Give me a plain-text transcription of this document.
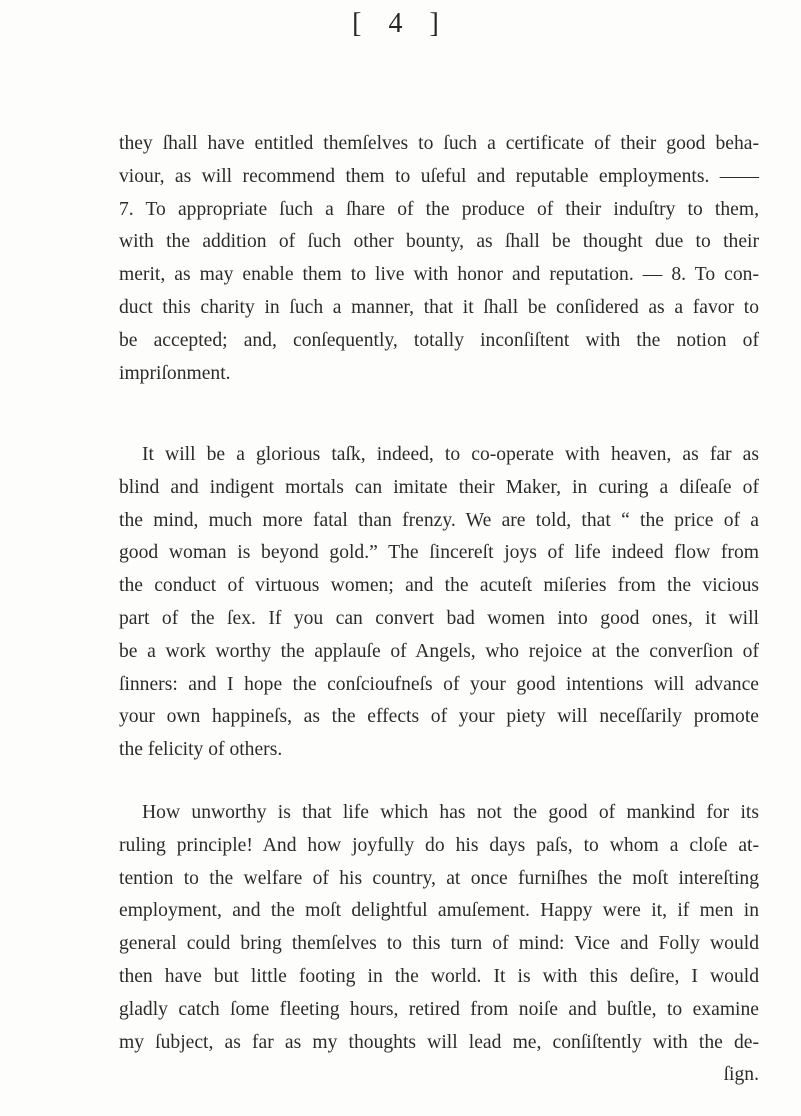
[ 4 ]
they ſhall have entitled themſelves to ſuch a certificate of their good beha-
viour, as will recommend them to uſeful and reputable employments. ——
7. To appropriate ſuch a ſhare of the produce of their induſtry to them,
with the addition of ſuch other bounty, as ſhall be thought due to their
merit, as may enable them to live with honor and reputation. — 8. To con-
duct this charity in ſuch a manner, that it ſhall be conſidered as a favor to
be accepted; and, conſequently, totally inconſiſtent with the notion of
impriſonment.
It will be a glorious taſk, indeed, to co-operate with heaven, as far as
blind and indigent mortals can imitate their Maker, in curing a diſeaſe of
the mind, much more fatal than frenzy. We are told, that “ the price of a
good woman is beyond gold.” The ſincereſt joys of life indeed flow from
the conduct of virtuous women; and the acuteſt miſeries from the vicious
part of the ſex. If you can convert bad women into good ones, it will
be a work worthy the applauſe of Angels, who rejoice at the converſion of
ſinners: and I hope the conſcioufneſs of your good intentions will advance
your own happineſs, as the effects of your piety will neceſſarily promote
the felicity of others.
How unworthy is that life which has not the good of mankind for its
ruling principle! And how joyfully do his days paſs, to whom a cloſe at-
tention to the welfare of his country, at once furniſhes the moſt intereſting
employment, and the moſt delightful amuſement. Happy were it, if men in
general could bring themſelves to this turn of mind: Vice and Folly would
then have but little footing in the world. It is with this deſire, I would
gladly catch ſome fleeting hours, retired from noiſe and buſtle, to examine
my ſubject, as far as my thoughts will lead me, conſiſtently with the de-
ſign.
